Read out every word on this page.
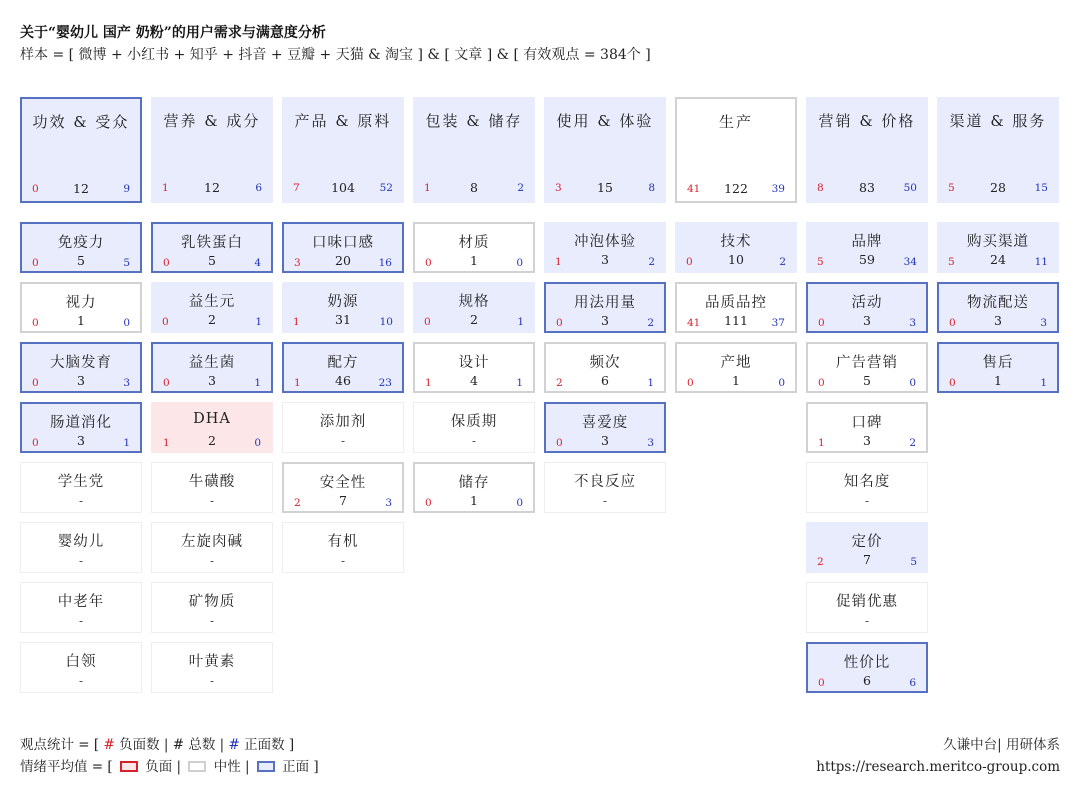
关于“婴幼儿 国产 奶粉”的用户需求与满意度分析
样本 = [ 微博 + 小红书 + 知乎 + 抖音 + 豆瓣 + 天猫 & 淘宝 ] & [ 文章 ] & [ 有效观点 = 384个 ]
功效 & 受众
0	12	9
免疫力
0	5	5
视力
0	1	0
大脑发育
0	3	3
肠道消化
0	3	1
学生党
-
婴幼儿
-
中老年
-
白领
-
营养 & 成分
1	12	6
乳铁蛋白
0	5	4
益生元
0	2	1
益生菌
0	3	1
DHA
1	2	0
牛磺酸
-
左旋肉碱
-
矿物质
-
叶黄素
-
产品 & 原料
7	104	52
口味口感
3	20	16
奶源
1	31	10
配方
1	46	23
添加剂
-
安全性
2	7	3
有机
-
包装 & 储存
1	8	2
材质
0	1	0
规格
0	2	1
设计
1	4	1
保质期
-
储存
0	1	0
使用 & 体验
3	15	8
冲泡体验
1	3	2
用法用量
0	3	2
频次
2	6	1
喜爱度
0	3	3
不良反应
-
生产
41	122	39
技术
0	10	2
品质品控
41	111	37
产地
0	1	0
营销 & 价格
8	83	50
品牌
5	59	34
活动
0	3	3
广告营销
0	5	0
口碑
1	3	2
知名度
-
定价
2	7	5
促销优惠
-
性价比
0	6	6
渠道 & 服务
5	28	15
购买渠道
5	24	11
物流配送
0	3	3
售后
0	1	1
观点统计 = [ # 负面数 | # 总数 | # 正面数 ]
情绪平均值 = [ 负面 | 中性 | 正面 ]
久谦中台| 用研体系
https://research.meritco-group.com
